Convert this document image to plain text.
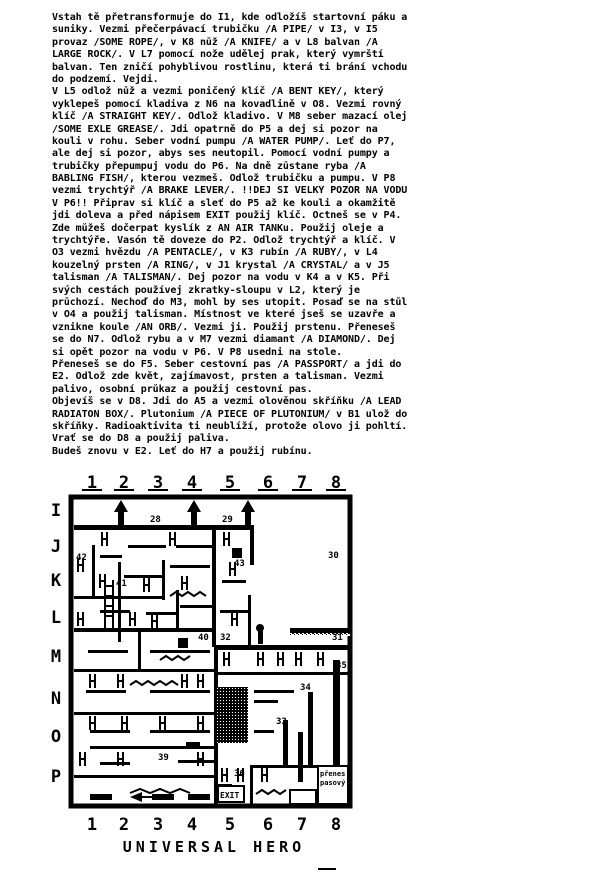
Vstah tě přetransformuje do I1, kde odložíš startovní páku a
suniky. Vezmi přečerpávací trubičku /A PIPE/ v I3, v I5
provaz /SOME ROPE/, v K8 nůž /A KNIFE/ a v L8 balvan /A
LARGE ROCK/. V L7 pomocí nože udělej prak, který vymrští
balvan. Ten zničí pohyblivou rostlinu, která ti brání vchodu
do podzemí. Vejdi.
V L5 odlož nůž a vezmi poničený klíč /A BENT KEY/, který
vyklepeš pomocí kladiva z N6 na kovadlině v O8. Vezmi rovný
klíč /A STRAIGHT KEY/. Odlož kladivo. V M8 seber mazací olej
/SOME EXLE GREASE/. Jdi opatrně do P5 a dej si pozor na
kouli v rohu. Seber vodní pumpu /A WATER PUMP/. Leť do P7,
ale dej si pozor, abys ses neutopil. Pomocí vodní pumpy a
trubičky přepumpuj vodu do P6. Na dně zůstane ryba /A
BABLING FISH/, kterou vezmeš. Odlož trubičku a pumpu. V P8
vezmi trychtýř /A BRAKE LEVER/. !!DEJ SI VELKÝ POZOR NA VODU
V P6!! Připrav si klíč a sleť do P5 až ke kouli a okamžitě
jdi doleva a před nápisem EXIT použij klíč. Octneš se v P4.
Zde můžeš dočerpat kyslík z AN AIR TANKu. Použij oleje a
trychtýře. Vasón tě doveze do P2. Odlož trychtýř a klíč. V
O3 vezmi hvězdu /A PENTACLE/, v K3 rubín /A RUBY/, v L4
kouzelný prsten /A RING/, v J1 krystal /A CRYSTAL/ a v J5
talisman /A TALISMAN/. Dej pozor na vodu v K4 a v K5. Při
svých cestách používej zkratky-sloupu v L2, který je
průchozí. Nechoď do M3, mohl by ses utopit. Posaď se na stůl
v O4 a použij talisman. Místnost ve které jseš se uzavře a
vznikne koule /AN ORB/. Vezmi ji. Použij prstenu. Přeneseš
se do N7. Odlož rybu a v M7 vezmi diamant /A DIAMOND/. Dej
si opět pozor na vodu v P6. V P8 usedni na stole.
Přeneseš se do F5. Seber cestovní pas /A PASSPORT/ a jdi do
E2. Odlož zde květ, zajímavost, prsten a talisman. Vezmi
palivo, osobní průkaz a použij cestovní pas.
Objevíš se v D8. Jdi do A5 a vezmi olověnou skříňku /A LEAD
RADIATON BOX/. Plutonium /A PIECE OF PLUTONIUM/ v B1 ulož do
skříňky. Radioaktivita ti neublíží, protože olovo ji pohltí.
Vrať se do D8 a použij paliva.
Budeš znovu v E2. Leť do H7 a použij rubínu.
1 2 3 4 5 6 7 8
I
J
K
L
M
N
O
P
28	29
42
43
41
40 32	31
30
35
34
33
39
36	přenes
pasový
EXIT
1 2 3 4 5 6 7 8
UNIVERSAL HERO
